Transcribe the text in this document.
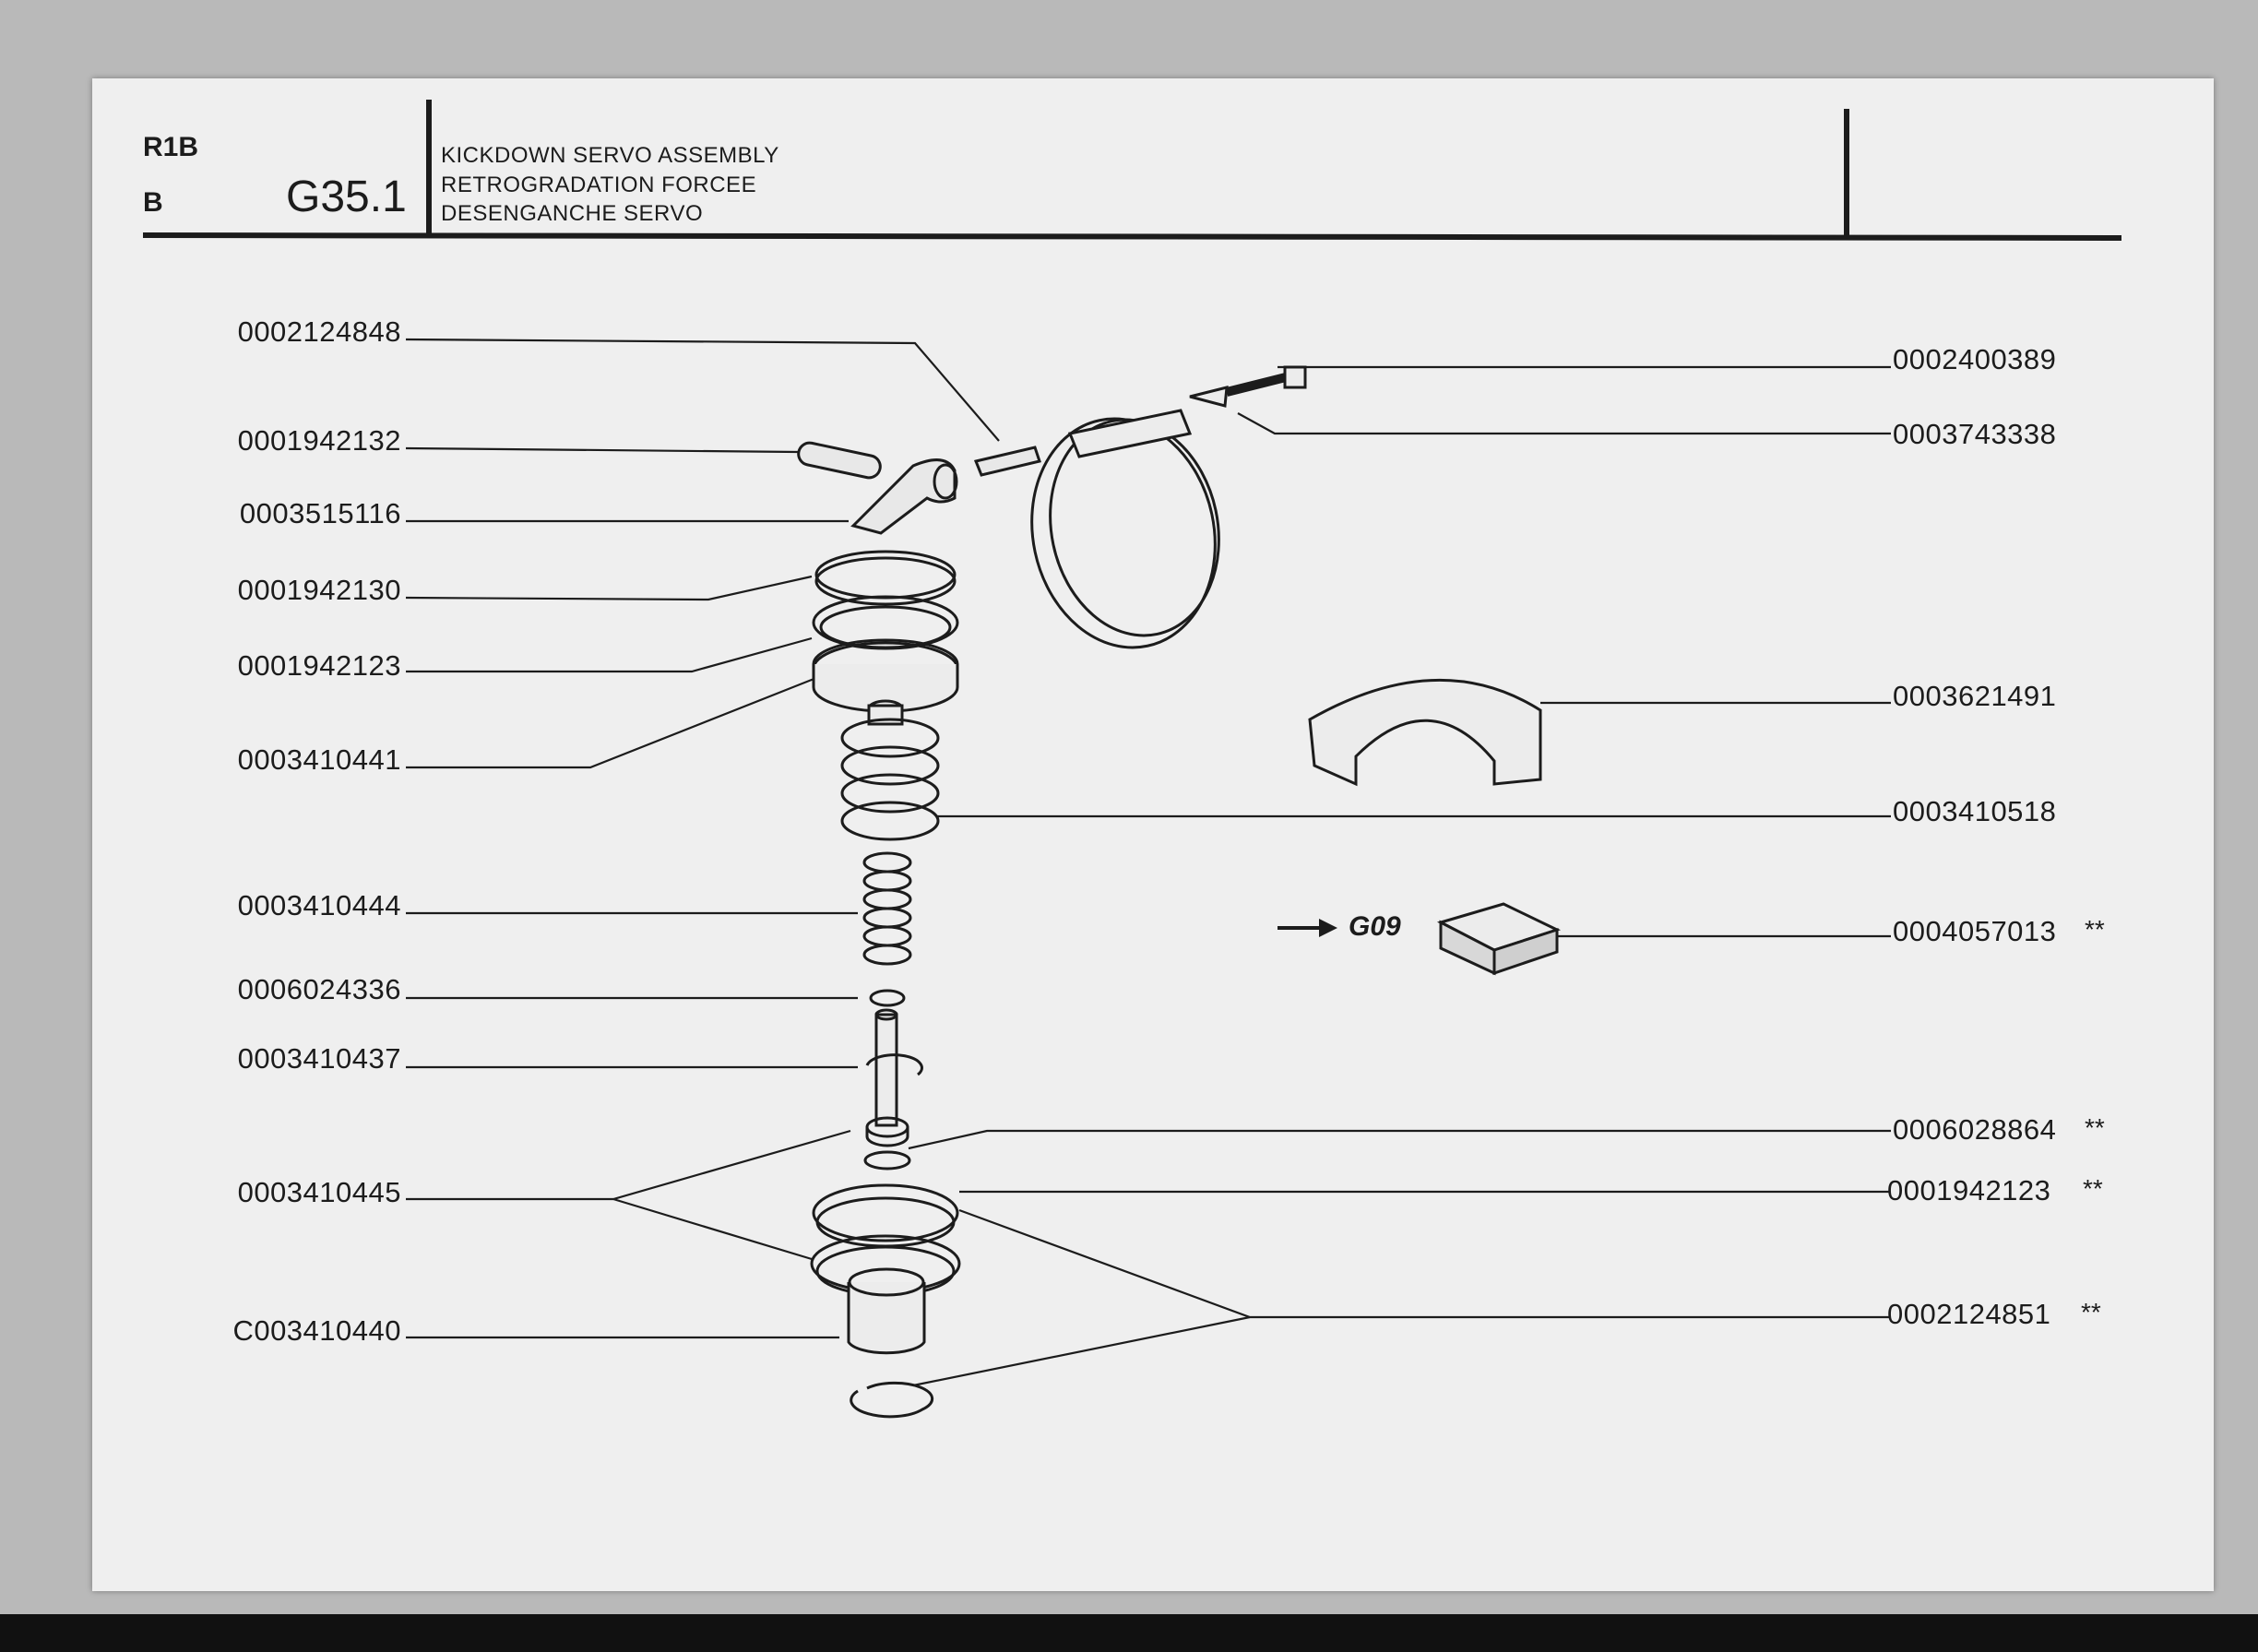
R1B
B	G35.1
KICKDOWN SERVO ASSEMBLY
RETROGRADATION FORCEE
DESENGANCHE SERVO
0002124848
0001942132
0003515116
0001942130
0001942123
0003410441
0003410444
0006024336
0003410437
0003410445
C003410440
0002400389
0003743338
0003621491
0003410518
0004057013 **
0006028864 **
0001942123 **
0002124851 **
G09
